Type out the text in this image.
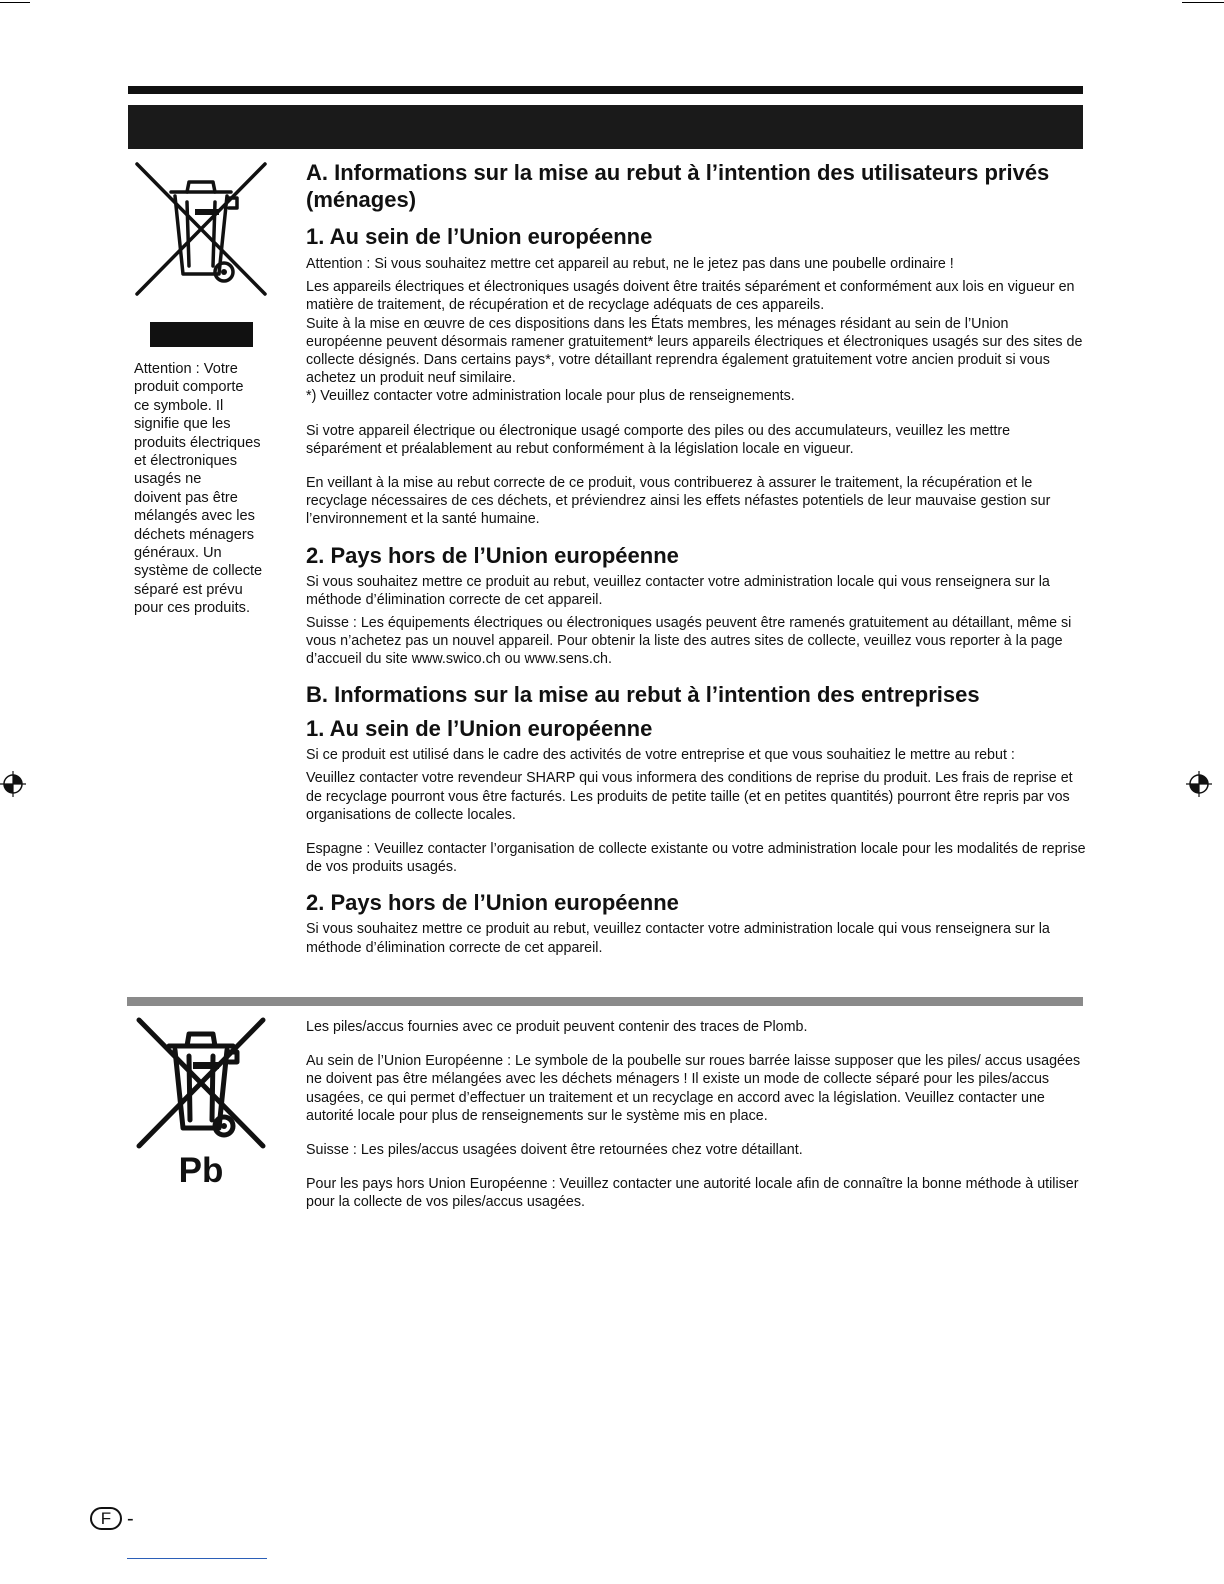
Attention : Votre
produit comporte
ce symbole. Il
signifie que les
produits électriques
et électroniques
usagés ne
doivent pas être
mélangés avec les
déchets ménagers
généraux. Un
système de collecte
séparé est prévu
pour ces produits.

A. Informations sur la mise au rebut à l’intention des utilisateurs privés (ménages)
1. Au sein de l’Union européenne

Attention : Si vous souhaitez mettre cet appareil au rebut, ne le jetez pas dans une poubelle ordinaire !

Les appareils électriques et électroniques usagés doivent être traités séparément et conformément aux lois en vigueur en matière de traitement, de récupération et de recyclage adéquats de ces appareils.

Suite à la mise en œuvre de ces dispositions dans les États membres, les ménages résidant au sein de l’Union européenne peuvent désormais ramener gratuitement* leurs appareils électriques et électroniques usagés sur des sites de collecte désignés. Dans certains pays*, votre détaillant reprendra également gratuitement votre ancien produit si vous achetez un produit neuf similaire.

*) Veuillez contacter votre administration locale pour plus de renseignements.

Si votre appareil électrique ou électronique usagé comporte des piles ou des accumulateurs, veuillez les mettre séparément et préalablement au rebut conformément à la législation locale en vigueur.

En veillant à la mise au rebut correcte de ce produit, vous contribuerez à assurer le traitement, la récupération et le recyclage nécessaires de ces déchets, et préviendrez ainsi les effets néfastes potentiels de leur mauvaise gestion sur l’environnement et la santé humaine.

2. Pays hors de l’Union européenne

Si vous souhaitez mettre ce produit au rebut, veuillez contacter votre administration locale qui vous renseignera sur la méthode d’élimination correcte de cet appareil.

Suisse : Les équipements électriques ou électroniques usagés peuvent être ramenés gratuitement au détaillant, même si vous n’achetez pas un nouvel appareil. Pour obtenir la liste des autres sites de collecte, veuillez vous reporter à la page d’accueil du site www.swico.ch ou www.sens.ch.

B. Informations sur la mise au rebut à l’intention des entreprises
1. Au sein de l’Union européenne

Si ce produit est utilisé dans le cadre des activités de votre entreprise et que vous souhaitiez le mettre au rebut :

Veuillez contacter votre revendeur SHARP qui vous informera des conditions de reprise du produit. Les frais de reprise et de recyclage pourront vous être facturés. Les produits de petite taille (et en petites quantités) pourront être repris par vos organisations de collecte locales.

Espagne : Veuillez contacter l’organisation de collecte existante ou votre administration locale pour les modalités de reprise de vos produits usagés.

2. Pays hors de l’Union européenne

Si vous souhaitez mettre ce produit au rebut, veuillez contacter votre administration locale qui vous renseignera sur la méthode d’élimination correcte de cet appareil.

Pb

Les piles/accus fournies avec ce produit peuvent contenir des traces de Plomb.

Au sein de l’Union Européenne : Le symbole de la poubelle sur roues barrée laisse supposer que les piles/ accus usagées ne doivent pas être mélangées avec les déchets ménagers ! Il existe un mode de collecte séparé pour les piles/accus usagées, ce qui permet d’effectuer un traitement et un recyclage en accord avec la législation. Veuillez contacter une autorité locale pour plus de renseignements sur le système mis en place.

Suisse : Les piles/accus usagées doivent être retournées chez votre détaillant.

Pour les pays hors Union Européenne : Veuillez contacter une autorité locale afin de connaître la bonne méthode à utiliser pour la collecte de vos piles/accus usagées.

F -
